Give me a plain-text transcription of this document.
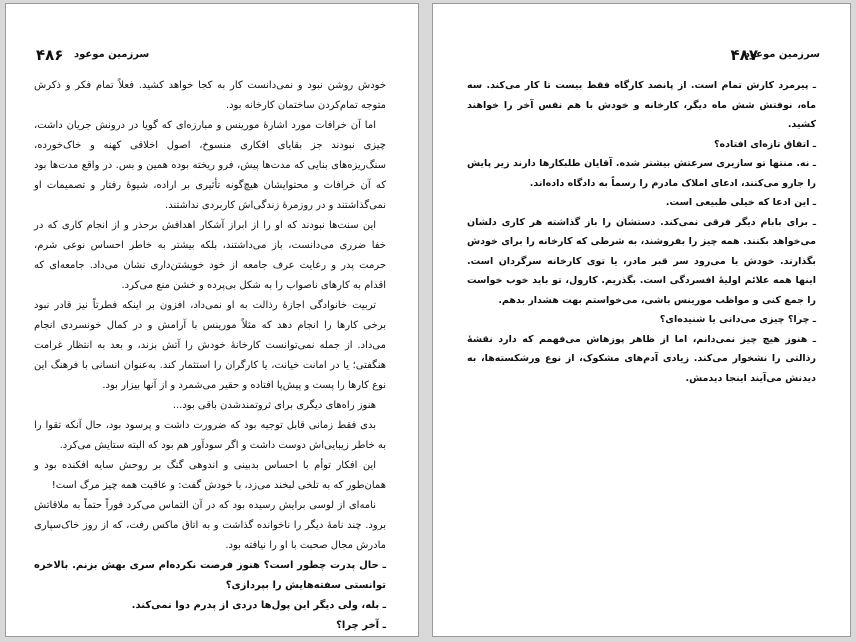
سرزمین موعود
۴۸۶

خودش روشن نبود و نمی‌دانست کار به کجا خواهد کشید. فعلاً تمام فکر و ذکرش متوجه تمام‌کردن ساختمان کارخانه بود.

اما آن خرافات مورد اشارهٔ مورینس و مبارزه‌ای که گویا در درونش جریان داشت، چیزی نبودند جز بقایای افکاری منسوخ، اصول اخلاقی کهنه و خاک‌خورده، سنگ‌ریزه‌های بنایی که مدت‌ها پیش، فرو ریخته بوده همین و بس. در واقع مدت‌ها بود که آن خرافات و محتوایشان هیچ‌گونه تأثیری بر اراده، شیوهٔ رفتار و تصمیمات او نمی‌گذاشتند و در روزمرهٔ زندگی‌اش کاربردی نداشتند.

این سنت‌ها نبودند که او را از ابراز آشکار اهدافش برحذر و از انجام کاری که در خفا ضرری می‌دانست، باز می‌داشتند، بلکه بیشتر به خاطر احساس نوعی شرم، حرمت پدر و رعایت عرف جامعه از خود خویشتن‌داری نشان می‌داد. جامعه‌ای که اقدام به کارهای ناصواب را به شکل بی‌پرده و خشن منع می‌کرد.

تربیت خانوادگی اجازهٔ رذالت به او نمی‌داد، افزون بر اینکه فطرتاً نیز قادر نبود برخی کارها را انجام دهد که مثلاً مورینس با آرامش و در کمال خونسردی انجام می‌داد. از جمله نمی‌توانست کارخانهٔ خودش را آتش بزند، و بعد به انتظار غرامت هنگفتی؛ یا در امانت خیانت، یا کارگران را استثمار کند. به‌عنوان انسانی با فرهنگ این نوع کارها را پست و پیش‌پا افتاده و حقیر می‌شمرد و از آنها بیزار بود.

هنوز راه‌های دیگری برای ثروتمندشدن باقی بود...

بدی فقط زمانی قابل توجیه بود که ضرورت داشت و پرسود بود، حال آنکه تقوا را به خاطر زیبایی‌اش دوست داشت و اگر سودآور هم بود که البته ستایش می‌کرد.

این افکار توأم با احساس بدبینی و اندوهی گنگ بر روحش سایه افکنده بود و همان‌طور که به تلخی لبخند می‌زد، با خودش گفت: و عاقبت همه چیز مرگ است!

نامه‌ای از لوسی برایش رسیده بود که در آن التماس می‌کرد فوراً حتماً به ملاقاتش برود. چند نامهٔ دیگر را ناخوانده گذاشت و به اتاق ماکس رفت، که از روز خاک‌سپاری مادرش مجال صحبت با او را نیافته بود.

ـ حال پدرت چطور است؟ هنوز فرصت نکرده‌ام سری بهش بزنم. بالاخره توانستی سفته‌هایش را بپردازی؟

ـ بله، ولی دیگر این پول‌ها دردی از پدرم دوا نمی‌کند.

ـ آخر چرا؟

سرزمین موعود
۴۸۷

ـ پیرمرد کارش تمام است. از پانصد کارگاه فقط بیست تا کار می‌کند. سه ماه، نوفتش شش ماه دیگر، کارخانه و خودش با هم نفس آخر را خواهند کشید.

ـ اتفاق تازه‌ای افتاده؟

ـ نه. منتها تو سازیری سرعتش بیشتر شده. آقایان طلبکارها دارند زیر پایش را جارو می‌کنند، ادعای املاک مادرم را رسماً به دادگاه داده‌اند.

ـ این ادعا که خیلی طبیعی است.

ـ برای بابام دیگر فرقی نمی‌کند. دستشان را باز گذاشته هر کاری دلشان می‌خواهد بکنند. همه چیز را بفروشند، به شرطی که کارخانه را برای خودش بگذارند. خودش یا می‌رود سر قبر مادر، یا توی کارخانه سرگردان است. اینها همه علائم اولیهٔ افسردگی است. بگذریم. کارول، تو باید خوب خواست را جمع کنی و مواظب مورینس باشی، می‌خواستم بهت هشدار بدهم.

ـ چرا؟ چیزی می‌دانی یا شنیده‌ای؟

ـ هنوز هیچ چیز نمی‌دانم، اما از ظاهر پوزهاش می‌فهمم که دارد نقشهٔ رذالتی را نشخوار می‌کند. زیادی آدم‌های مشکوک، از نوع ورشکسته‌ها، به دیدنش می‌آیند اینجا دیدمش.
